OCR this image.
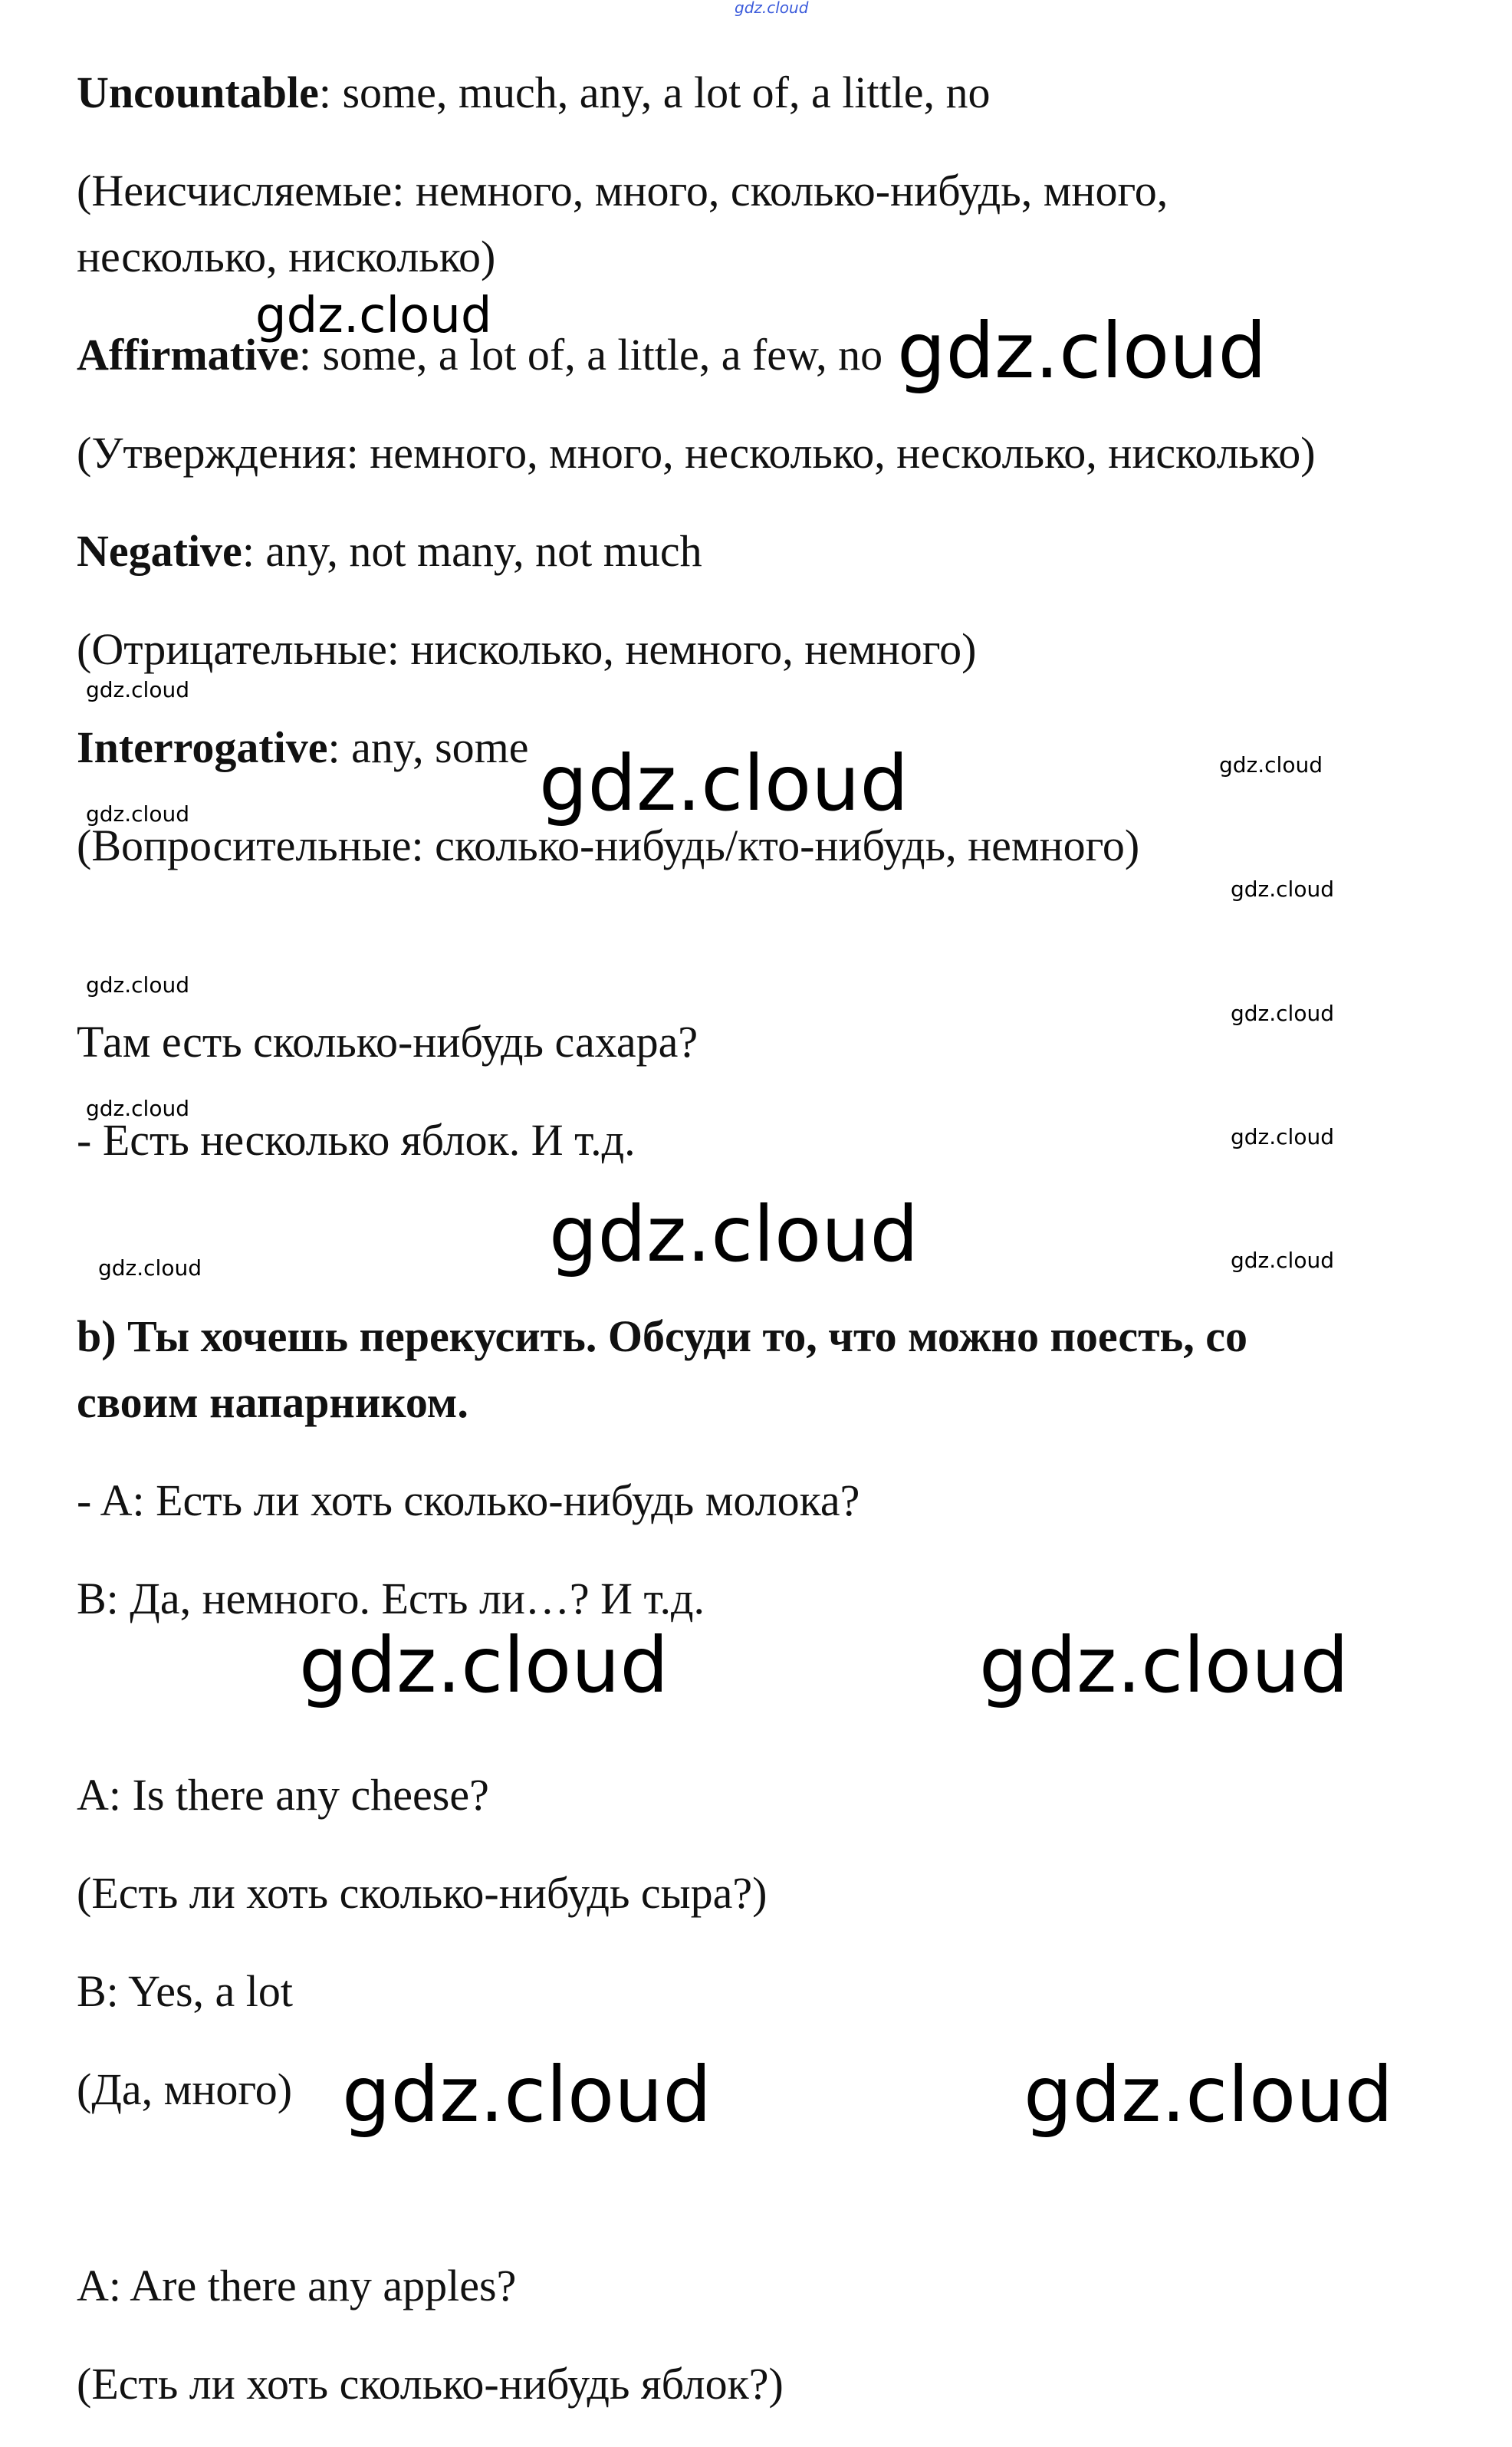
gdz.cloud
Uncountable: some, much, any, a lot of, a little, no
(Неисчисляемые: немного, много, сколько-нибудь, много,
несколько, нисколько)
Affirmative: some, a lot of, a little, a few, no
(Утверждения: немного, много, несколько, несколько, нисколько)
Negative: any, not many, not much
(Отрицательные: нисколько, немного, немного)
Interrogative: any, some
(Вопросительные: сколько-нибудь/кто-нибудь, немного)
Там есть сколько-нибудь сахара?
- Есть несколько яблок. И т.д.
b) Ты хочешь перекусить. Обсуди то, что можно поесть, со
своим напарником.
- A: Есть ли хоть сколько-нибудь молока?
B: Да, немного. Есть ли…? И т.д.
A: Is there any cheese?
(Есть ли хоть сколько-нибудь сыра?)
B: Yes, a lot
(Да, много)
A: Are there any apples?
(Есть ли хоть сколько-нибудь яблок?)
gdz.cloud	gdz.cloud
gdz.cloud
gdz.cloud	gdz.cloud
gdz.cloud
gdz.cloud
gdz.cloud
gdz.cloud
gdz.cloud
gdz.cloud
gdz.cloud
gdz.cloud	gdz.cloud
gdz.cloud	gdz.cloud
gdz.cloud	gdz.cloud
